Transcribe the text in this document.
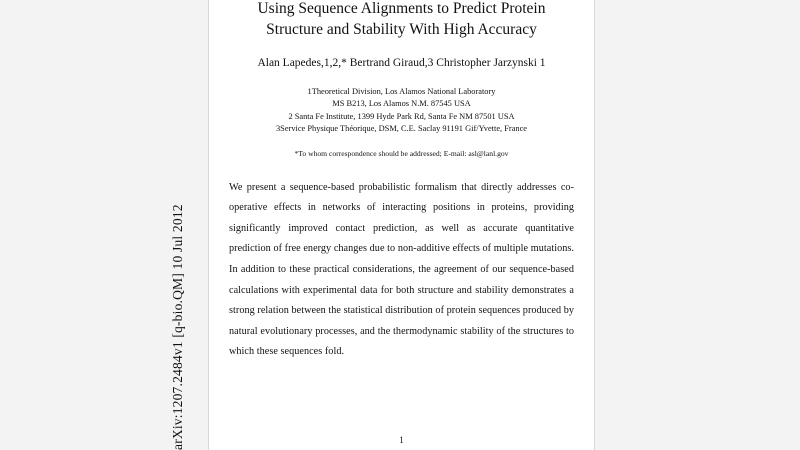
arXiv:1207.2484v1 [q-bio.QM] 10 Jul 2012
Using Sequence Alignments to Predict Protein
Structure and Stability With High Accuracy
Alan Lapedes,1,2,* Bertrand Giraud,3 Christopher Jarzynski 1
1Theoretical Division, Los Alamos National Laboratory
MS B213, Los Alamos N.M. 87545 USA
2 Santa Fe Institute, 1399 Hyde Park Rd, Santa Fe NM 87501 USA
3Service Physique Théorique, DSM, C.E. Saclay 91191 Gif/Yvette, France
*To whom correspondence should be addressed; E-mail: asl@lanl.gov
We present a sequence-based probabilistic formalism that directly addresses co-operative effects in networks of interacting positions in proteins, providing significantly improved contact prediction, as well as accurate quantitative prediction of free energy changes due to non-additive effects of multiple mutations. In addition to these practical considerations, the agreement of our sequence-based calculations with experimental data for both structure and stability demonstrates a strong relation between the statistical distribution of protein sequences produced by natural evolutionary processes, and the thermodynamic stability of the structures to which these sequences fold.
1
